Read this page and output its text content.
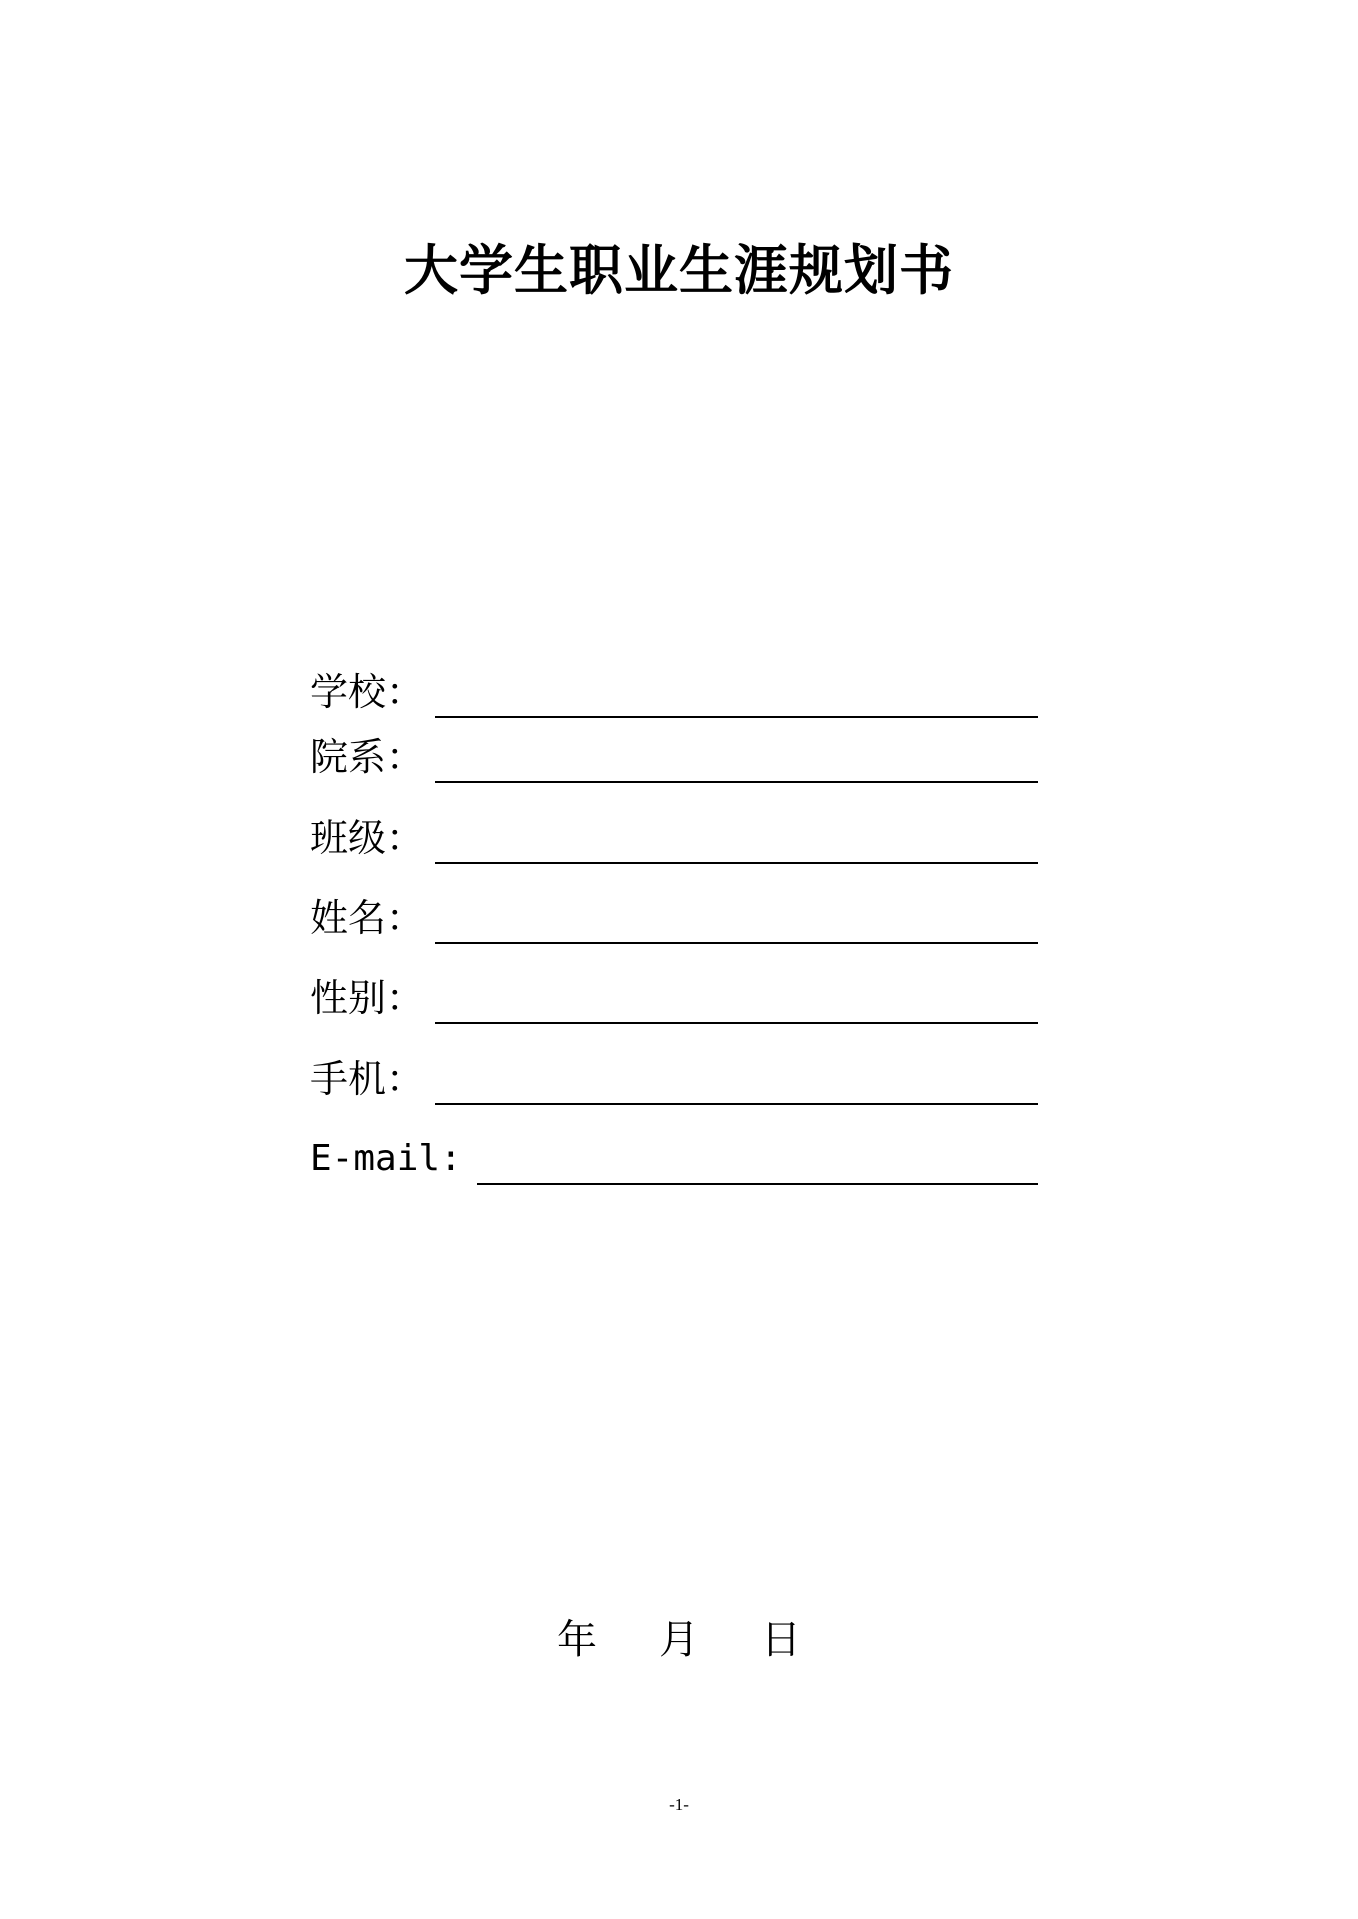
大学生职业生涯规划书
学校：
院系：
班级：
姓名：
性别：
手机：
E-mail:
年 月 日
-1-
